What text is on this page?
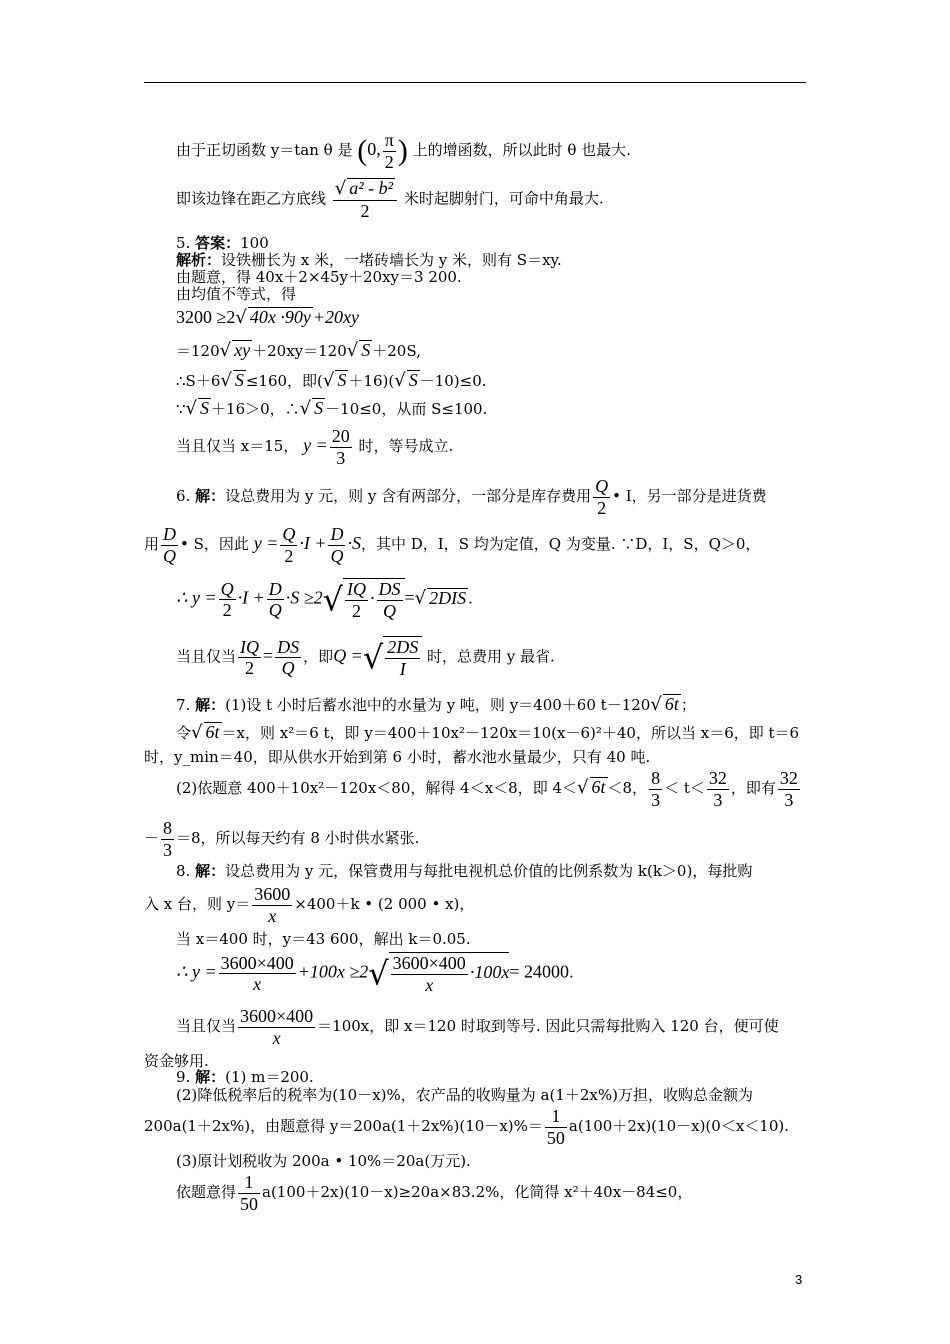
由于正切函数 y＝tan θ 是 (0, $\frac{\pi}{2}$ ) 上的增函数，所以此时 θ 也最大.
即该边锋在距乙方底线 $\frac{\text{√ a² - b²}}{2}$ 米时起脚射门，可命中角最大.
5. 答案：100
解析：设铁栅长为 x 米，一堵砖墙长为 y 米，则有 S＝xy.
由题意，得 40x＋2×45y＋20xy＝3 200.
由均值不等式，得
3200 ≥2√ 40x ·90y +20xy
＝120√ xy ＋20xy＝120√ S ＋20S,
∴S＋6√ S ≤160，即(√ S ＋16)(√ S －10)≤0.
∵√ S ＋16＞0，∴√ S －10≤0，从而 S≤100.
当且仅当 x＝15， $y = \frac{20}{3}$ 时，等号成立.
6. 解：设总费用为 y 元，则 y 含有两部分，一部分是库存费用 $\frac{Q}{2}$ • I，另一部分是进货费
用 $\frac{D}{Q}$ • S，因此 $y = \frac{Q}{2} \cdot I + \frac{D}{Q} \cdot S$，其中 D，I，S 均为定值，Q 为变量. ∵D，I，S，Q＞0，
∴ $y = \frac{Q}{2} \cdot I + \frac{D}{Q} \cdot S \ge 2√ \frac{IQ}{2} \cdot \frac{DS}{Q}$ =√ 2DIS .
当且仅当 $\frac{IQ}{2} = \frac{DS}{Q}$ ，即Q =√ $\frac{2DS}{I}$ 时，总费用 y 最省.
7. 解：(1)设 t 小时后蓄水池中的水量为 y 吨，则 y＝400＋60 t－120√ 6t ；
令√ 6t ＝x，则 x²＝6 t，即 y＝400＋10x²－120x＝10(x－6)²＋40，所以当 x＝6，即 t＝6
时，y_min＝40，即从供水开始到第 6 小时，蓄水池水量最少，只有 40 吨.
(2)依题意 400＋10x²－120x＜80，解得 4＜x＜8，即 4＜√ 6t ＜8， $\frac{8}{3} < t< \frac{32}{3}$ ，即有 $\frac{32}{3}$
－ $\frac{8}{3} =8$，所以每天约有 8 小时供水紧张.
8. 解：设总费用为 y 元，保管费用与每批电视机总价值的比例系数为 k(k＞0)，每批购
入 x 台，则 $y= \frac{3600}{x} \times 400+k$ • (2 000 • x)，
当 x＝400 时，y＝43 600，解出 k＝0.05.
∴ $y = \frac{3600\times 400}{x} +100x \ge 2√ \frac{3600\times 400}{x} \cdot 100x= 24000$.
当且仅当 $\frac{3600\times 400}{x} =100x$，即 x＝120 时取到等号. 因此只需每批购入 120 台，便可使
资金够用.
9. 解：(1) m＝200.
(2)降低税率后的税率为(10－x)%，农产品的收购量为 a(1＋2x%)万担，收购总金额为
200a(1＋2x%)，由题意得 $y=200a(1+2x\%)(10-x)\%= \frac{1}{50} a(100+2x)(10-x)(0<x<10)$.
(3)原计划税收为 200a • 10%＝20a(万元).
依题意得 $\frac{1}{50} a(100+2x)(10-x)\ge 20a\times 83.2\%$，化简得 x²＋40x－84≤0，
3
